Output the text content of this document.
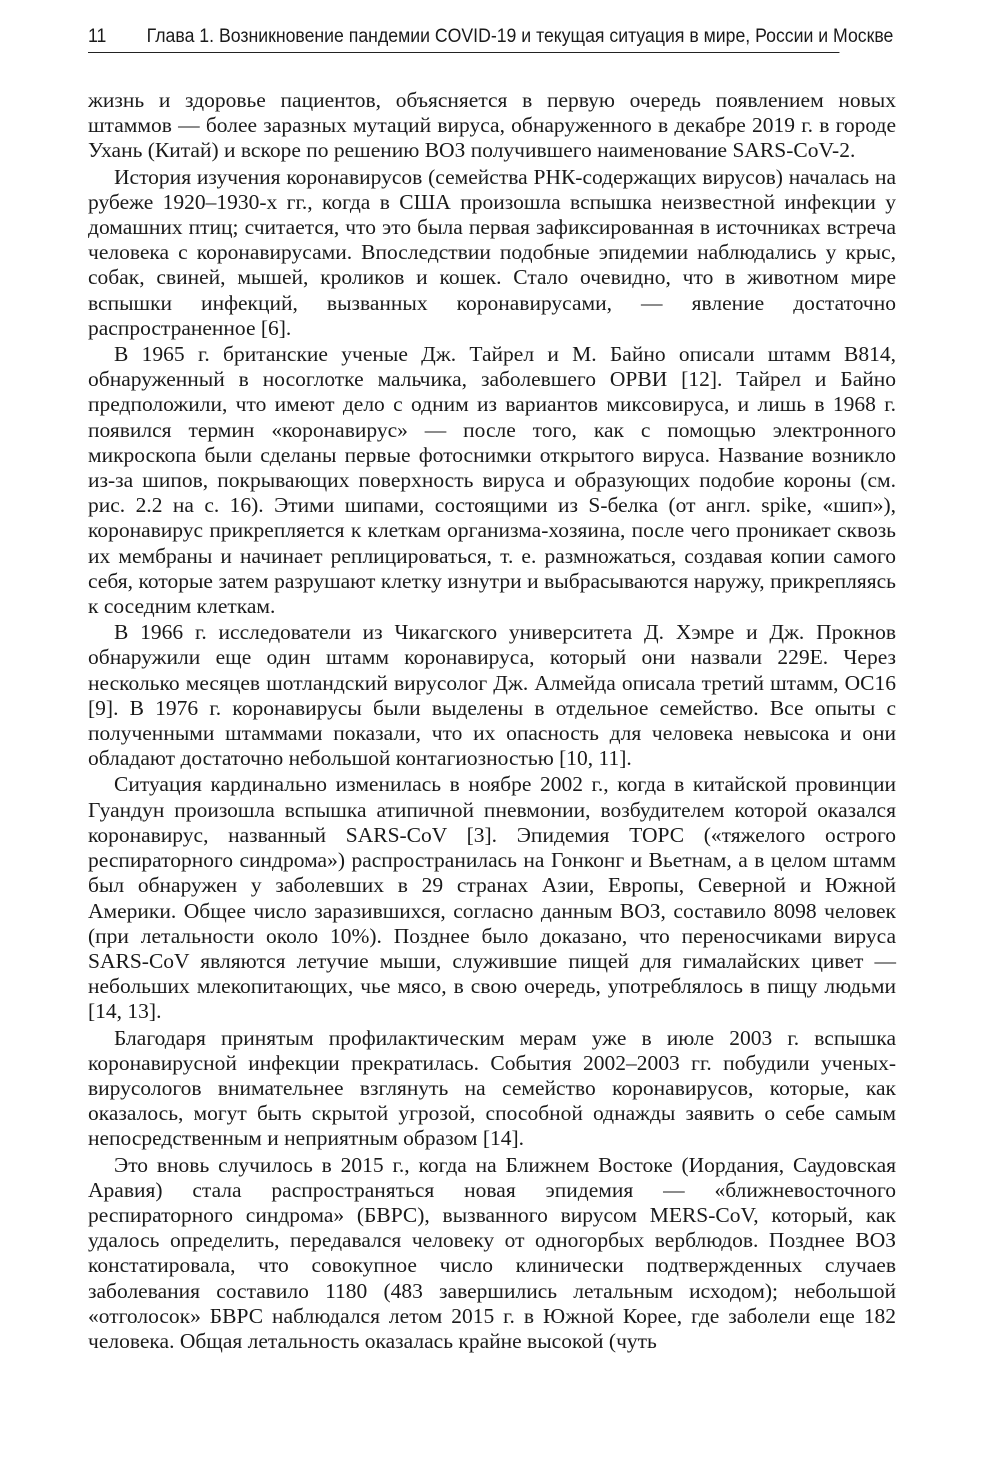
11 Глава 1. Возникновение пандемии COVID-19 и текущая ситуация в мире, России и Москве

жизнь и здоровье пациентов, объясняется в первую очередь появлением новых штаммов — более заразных мутаций вируса, обнаруженного в декабре 2019 г. в городе Ухань (Китай) и вскоре по решению ВОЗ получившего наименование SARS-CoV-2.

История изучения коронавирусов (семейства РНК-содержащих вирусов) началась на рубеже 1920–1930-х гг., когда в США произошла вспышка неизвестной инфекции у домашних птиц; считается, что это была первая зафиксированная в источниках встреча человека с коронавирусами. Впоследствии подобные эпидемии наблюдались у крыс, собак, свиней, мышей, кроликов и кошек. Стало очевидно, что в животном мире вспышки инфекций, вызванных коронавирусами, — явление достаточно распространенное [6].

В 1965 г. британские ученые Дж. Тайрел и М. Байно описали штамм B814, обнаруженный в носоглотке мальчика, заболевшего ОРВИ [12]. Тайрел и Байно предположили, что имеют дело с одним из вариантов миксовируса, и лишь в 1968 г. появился термин «коронавирус» — после того, как с помощью электронного микроскопа были сделаны первые фотоснимки открытого вируса. Название возникло из-за шипов, покрывающих поверхность вируса и образующих подобие короны (см. рис. 2.2 на с. 16). Этими шипами, состоящими из S-белка (от англ. spike, «шип»), коронавирус прикрепляется к клеткам организма-хозяина, после чего проникает сквозь их мембраны и начинает реплицироваться, т. е. размножаться, создавая копии самого себя, которые затем разрушают клетку изнутри и выбрасываются наружу, прикрепляясь к соседним клеткам.

В 1966 г. исследователи из Чикагского университета Д. Хэмре и Дж. Прокнов обнаружили еще один штамм коронавируса, который они назвали 229E. Через несколько месяцев шотландский вирусолог Дж. Алмейда описала третий штамм, OC16 [9]. В 1976 г. коронавирусы были выделены в отдельное семейство. Все опыты с полученными штаммами показали, что их опасность для человека невысока и они обладают достаточно небольшой контагиозностью [10, 11].

Ситуация кардинально изменилась в ноябре 2002 г., когда в китайской провинции Гуандун произошла вспышка атипичной пневмонии, возбудителем которой оказался коронавирус, названный SARS-CoV [3]. Эпидемия ТОРС («тяжелого острого респираторного синдрома») распространилась на Гонконг и Вьетнам, а в целом штамм был обнаружен у заболевших в 29 странах Азии, Европы, Северной и Южной Америки. Общее число заразившихся, согласно данным ВОЗ, составило 8098 человек (при летальности около 10%). Позднее было доказано, что переносчиками вируса SARS-CoV являются летучие мыши, служившие пищей для гималайских цивет — небольших млекопитающих, чье мясо, в свою очередь, употреблялось в пищу людьми [14, 13].

Благодаря принятым профилактическим мерам уже в июле 2003 г. вспышка коронавирусной инфекции прекратилась. События 2002–2003 гг. побудили ученых-вирусологов внимательнее взглянуть на семейство коронавирусов, которые, как оказалось, могут быть скрытой угрозой, способной однажды заявить о себе самым непосредственным и неприятным образом [14].

Это вновь случилось в 2015 г., когда на Ближнем Востоке (Иордания, Саудовская Аравия) стала распространяться новая эпидемия — «ближневосточного респираторного синдрома» (БВРС), вызванного вирусом MERS-CoV, который, как удалось определить, передавался человеку от одногорбых верблюдов. Позднее ВОЗ констатировала, что совокупное число клинически подтвержденных случаев заболевания составило 1180 (483 завершились летальным исходом); небольшой «отголосок» БВРС наблюдался летом 2015 г. в Южной Корее, где заболели еще 182 человека. Общая летальность оказалась крайне высокой (чуть
